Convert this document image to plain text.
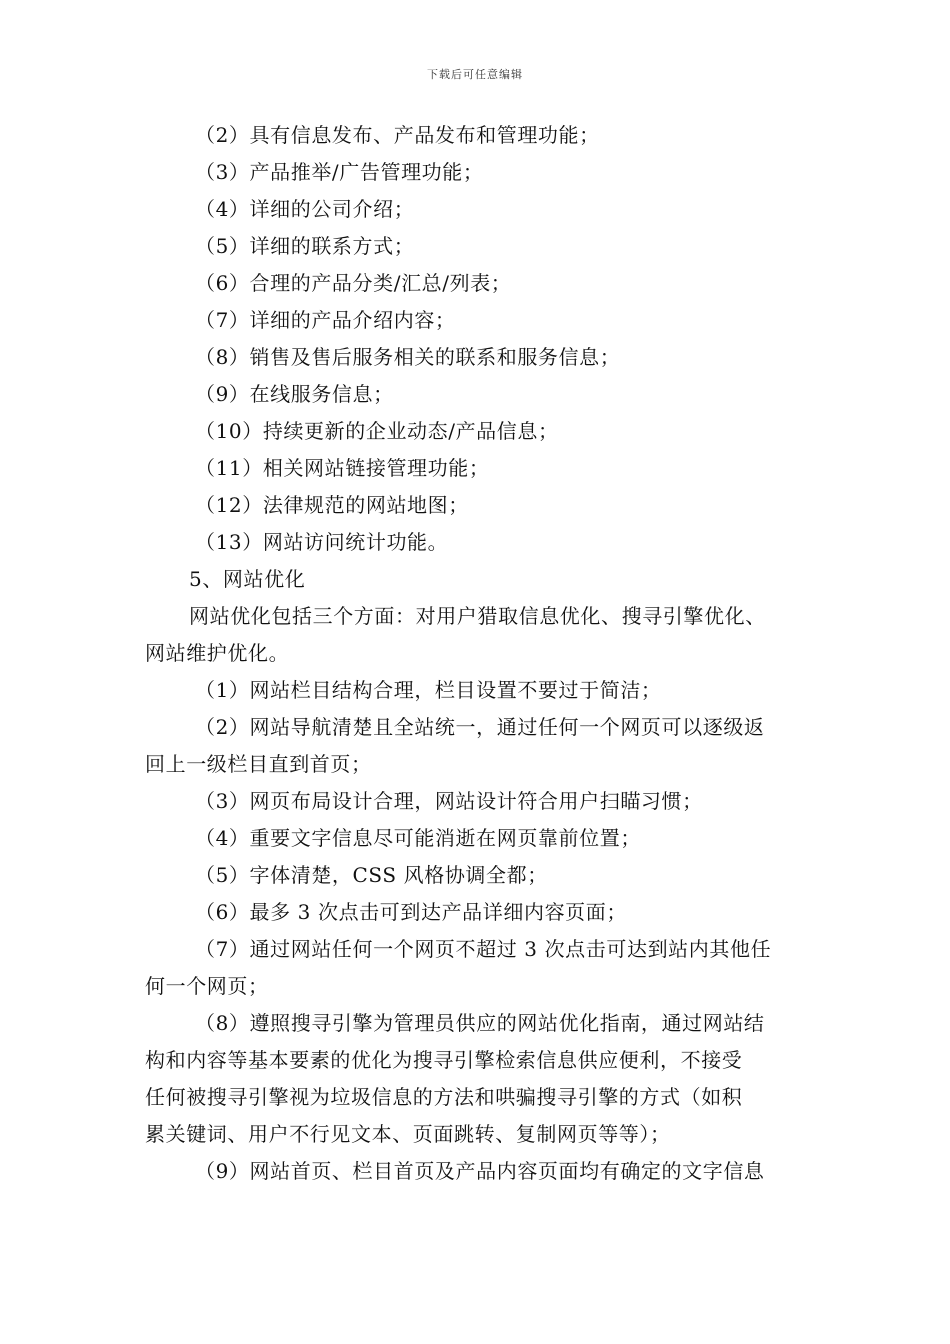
下载后可任意编辑
（2）具有信息发布、产品发布和管理功能；
（3）产品推举/广告管理功能；
（4）详细的公司介绍；
（5）详细的联系方式；
（6）合理的产品分类/汇总/列表；
（7）详细的产品介绍内容；
（8）销售及售后服务相关的联系和服务信息；
（9）在线服务信息；
（10）持续更新的企业动态/产品信息；
（11）相关网站链接管理功能；
（12）法律规范的网站地图；
（13）网站访问统计功能。
5、网站优化
网站优化包括三个方面：对用户猎取信息优化、搜寻引擎优化、
网站维护优化。
（1）网站栏目结构合理，栏目设置不要过于简洁；
（2）网站导航清楚且全站统一，通过任何一个网页可以逐级返
回上一级栏目直到首页；
（3）网页布局设计合理，网站设计符合用户扫瞄习惯；
（4）重要文字信息尽可能消逝在网页靠前位置；
（5）字体清楚，CSS 风格协调全都；
（6）最多 3 次点击可到达产品详细内容页面；
（7）通过网站任何一个网页不超过 3 次点击可达到站内其他任
何一个网页；
（8）遵照搜寻引擎为管理员供应的网站优化指南，通过网站结
构和内容等基本要素的优化为搜寻引擎检索信息供应便利，不接受
任何被搜寻引擎视为垃圾信息的方法和哄骗搜寻引擎的方式（如积
累关键词、用户不行见文本、页面跳转、复制网页等等）；
（9）网站首页、栏目首页及产品内容页面均有确定的文字信息
